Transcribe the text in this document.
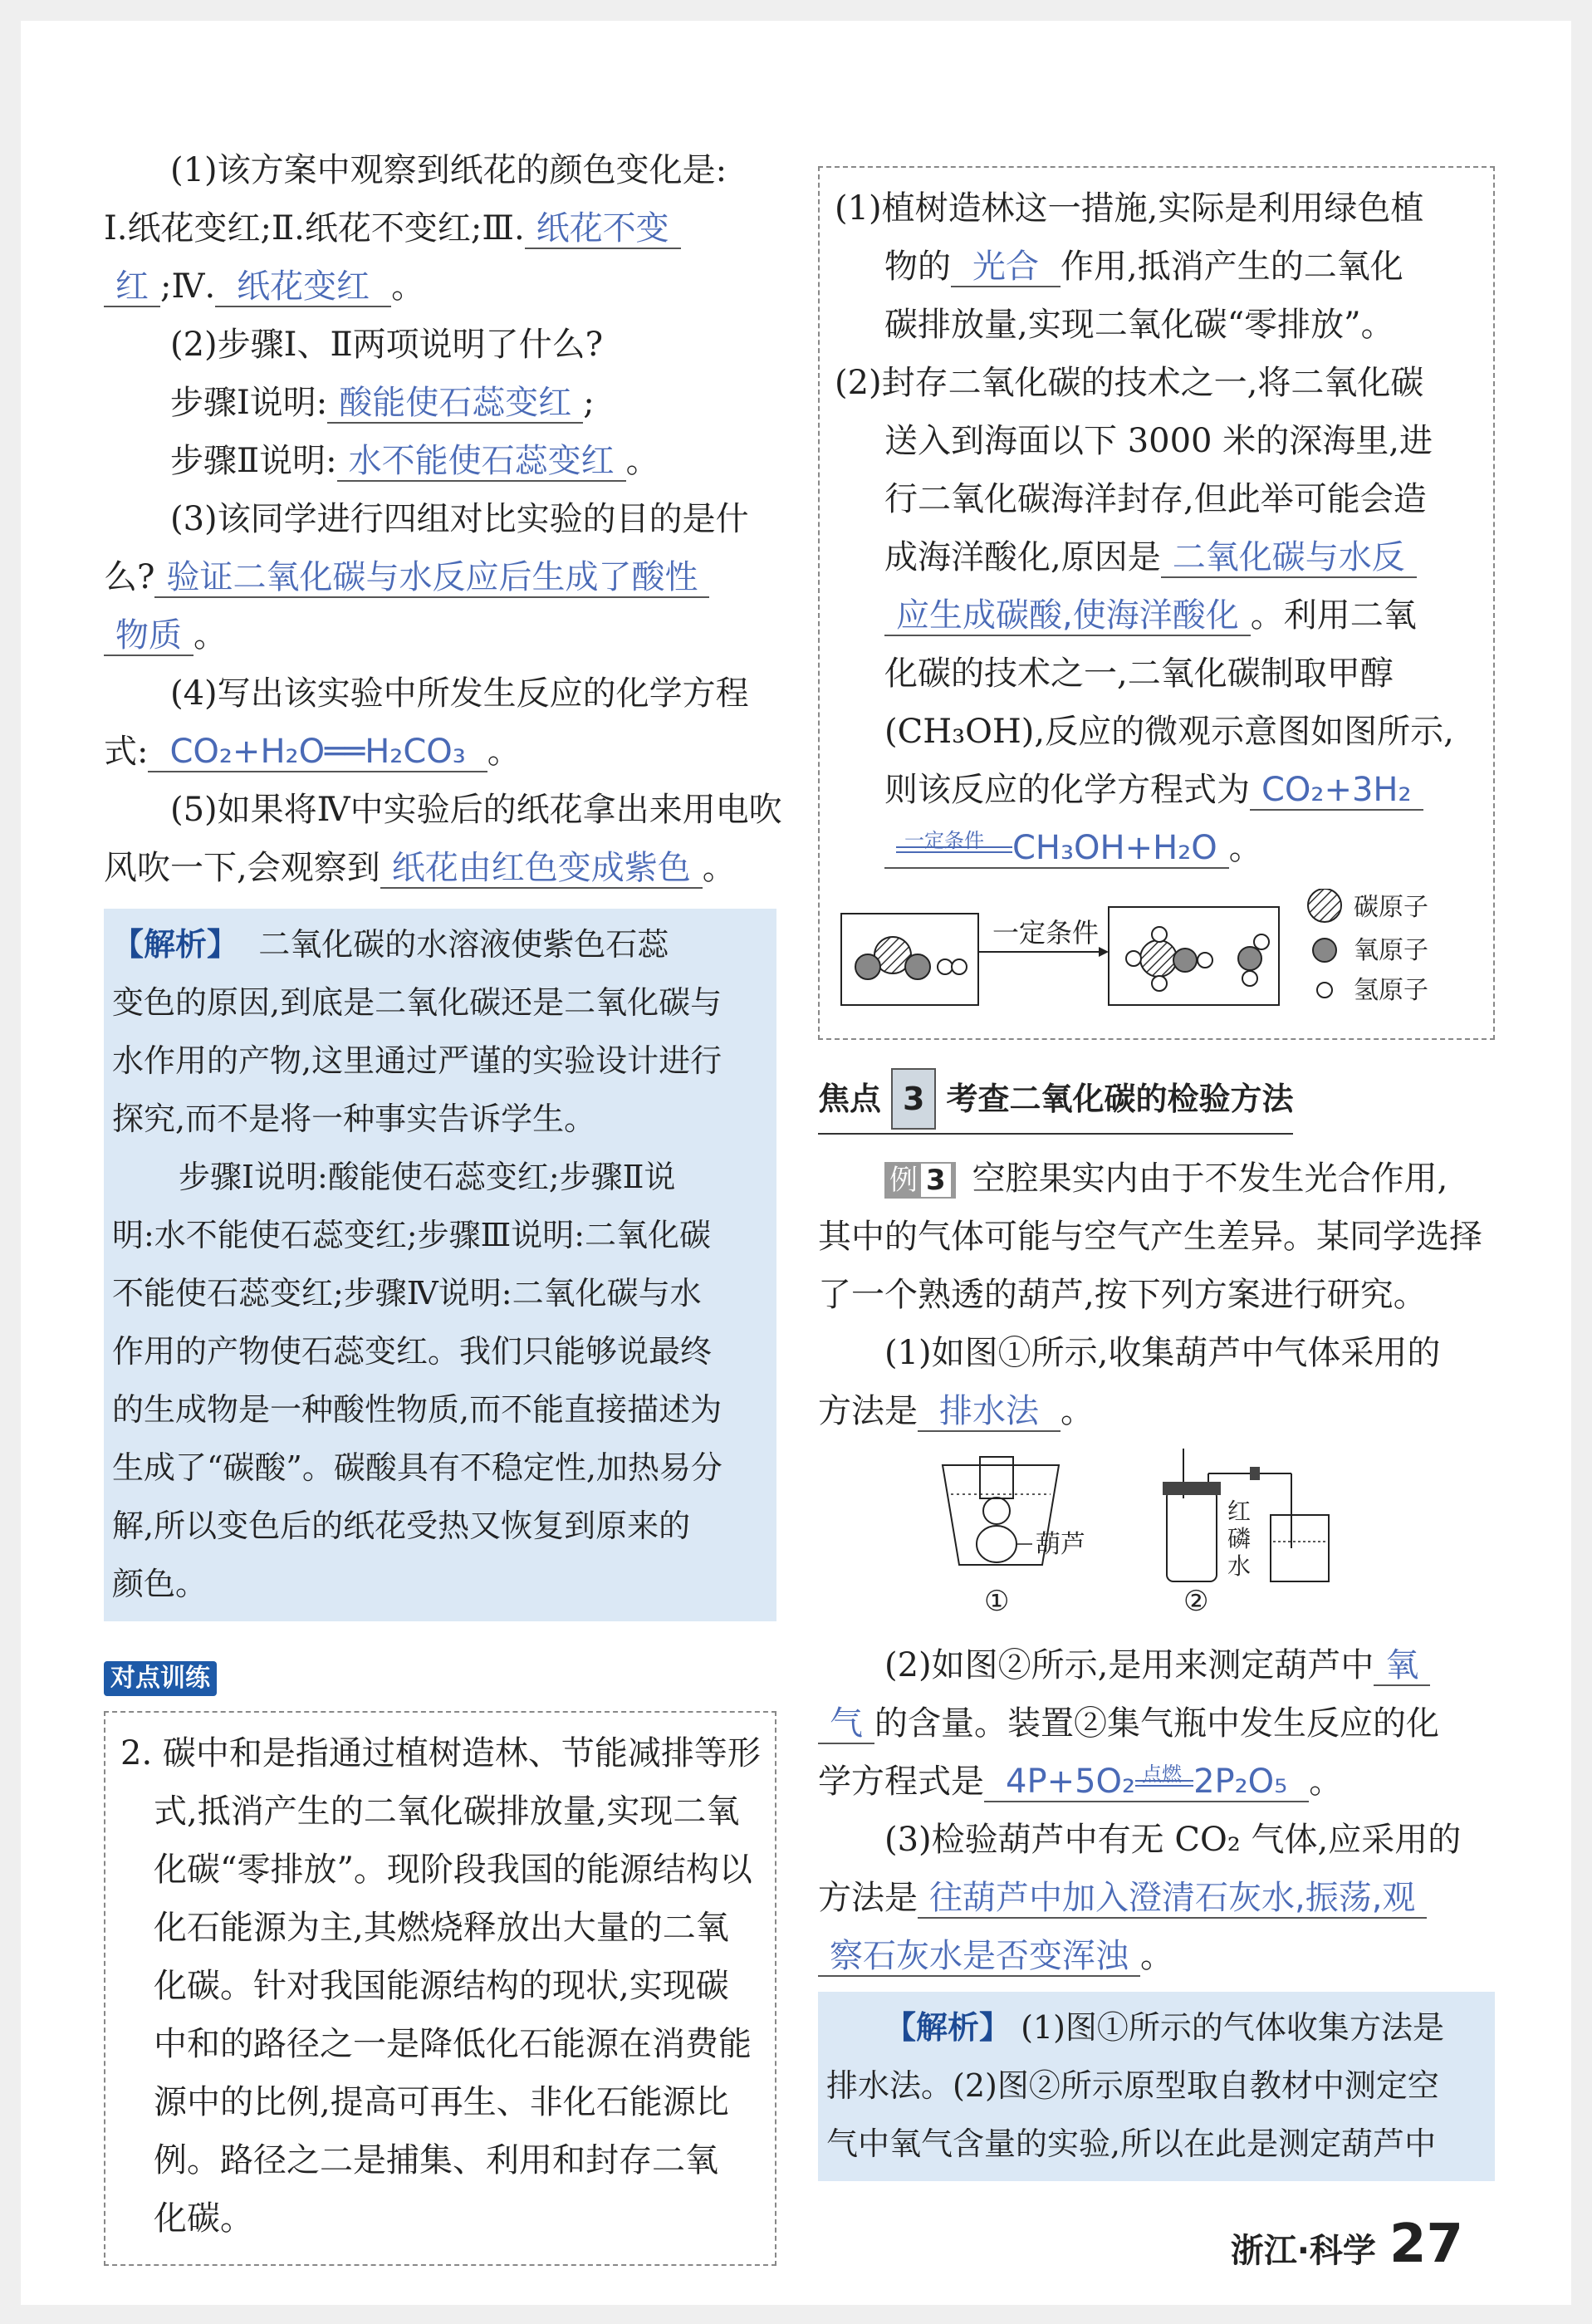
(1)该方案中观察到纸花的颜色变化是:

Ⅰ.纸花变红;Ⅱ.纸花不变红;Ⅲ. 纸花不变

红 ;Ⅳ. 纸花变红 。

(2)步骤Ⅰ、Ⅱ两项说明了什么?

步骤Ⅰ说明: 酸能使石蕊变红 ;

步骤Ⅱ说明: 水不能使石蕊变红 。

(3)该同学进行四组对比实验的目的是什

么? 验证二氧化碳与水反应后生成了酸性

物质 。

(4)写出该实验中所发生反应的化学方程

式: CO₂+H₂O══H₂CO₃ 。

(5)如果将Ⅳ中实验后的纸花拿出来用电吹

风吹一下,会观察到 纸花由红色变成紫色 。

【解析】 二氧化碳的水溶液使紫色石蕊
变色的原因,到底是二氧化碳还是二氧化碳与
水作用的产物,这里通过严谨的实验设计进行
探究,而不是将一种事实告诉学生。
步骤Ⅰ说明:酸能使石蕊变红;步骤Ⅱ说
明:水不能使石蕊变红;步骤Ⅲ说明:二氧化碳
不能使石蕊变红;步骤Ⅳ说明:二氧化碳与水
作用的产物使石蕊变红。我们只能够说最终
的生成物是一种酸性物质,而不能直接描述为
生成了“碳酸”。碳酸具有不稳定性,加热易分
解,所以变色后的纸花受热又恢复到原来的
颜色。
对点训练
2. 碳中和是指通过植树造林、节能减排等形
式,抵消产生的二氧化碳排放量,实现二氧
化碳“零排放”。现阶段我国的能源结构以
化石能源为主,其燃烧释放出大量的二氧
化碳。针对我国能源结构的现状,实现碳
中和的路径之一是降低化石能源在消费能
源中的比例,提高可再生、非化石能源比
例。路径之二是捕集、利用和封存二氧
化碳。
(1)植树造林这一措施,实际是利用绿色植
物的 光合 作用,抵消产生的二氧化
碳排放量,实现二氧化碳“零排放”。
(2)封存二氧化碳的技术之一,将二氧化碳
送入到海面以下 3000 米的深海里,进
行二氧化碳海洋封存,但此举可能会造
成海洋酸化,原因是 二氧化碳与水反
应生成碳酸,使海洋酸化 。利用二氧
化碳的技术之一,二氧化碳制取甲醇
(CH₃OH),反应的微观示意图如图所示,
则该反应的化学方程式为 CO₂+3H₂
一定条件 CH₃OH+H₂O 。
一定条件
碳原子
氧原子
氢原子
焦点 3 考查二氧化碳的检验方法
例 3 空腔果实内由于不发生光合作用,
其中的气体可能与空气产生差异。某同学选择
了一个熟透的葫芦,按下列方案进行研究。
(1)如图①所示,收集葫芦中气体采用的
方法是 排水法 。
葫芦
①
红
磷
水
②
(2)如图②所示,是用来测定葫芦中 氧
气 的含量。装置②集气瓶中发生反应的化
学方程式是 4P+5O₂ 点燃 2P₂O₅ 。
(3)检验葫芦中有无 CO₂ 气体,应采用的
方法是 往葫芦中加入澄清石灰水,振荡,观
察石灰水是否变浑浊 。
【解析】 (1)图①所示的气体收集方法是
排水法。(2)图②所示原型取自教材中测定空
气中氧气含量的实验,所以在此是测定葫芦中
浙江·科学 27
